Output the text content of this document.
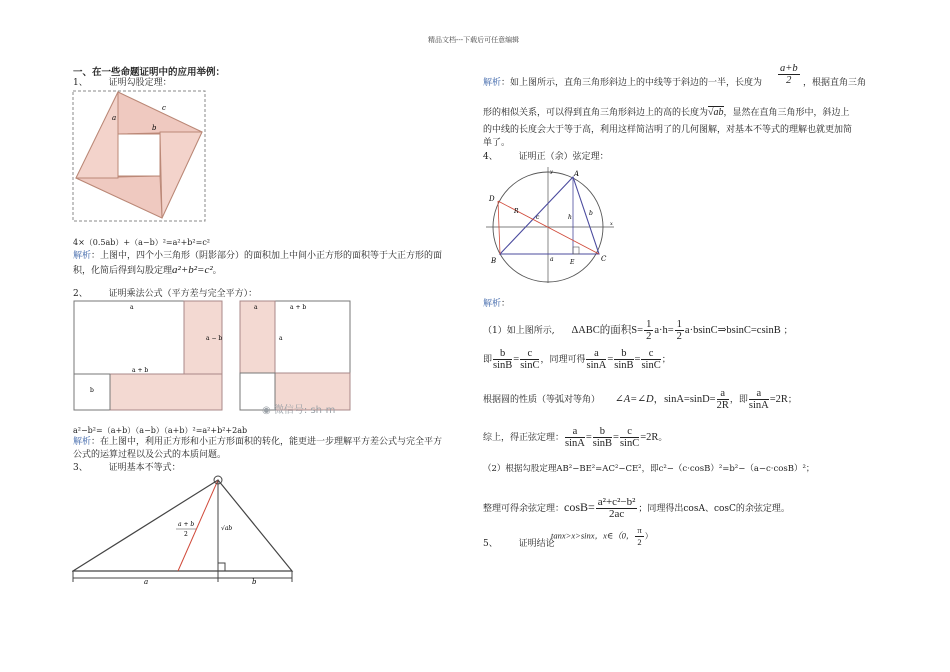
精品文档---下载后可任意编辑
一、在一些命题证明中的应用举例：
1、 证明勾股定理：
a
b
c
4×（0.5ab）+（a−b）²=a²+b²=c²
解析：上图中，四个小三角形（阴影部分）的面积加上中间小正方形的面积等于大正方形的面
积，化简后得到勾股定理a²+b²=c²。
2、 证明乘法公式（平方差与完全平方）：
a
a − b
a + b
b
a	a + b
a
◉ 微信号: sh-m
a²−b²=（a+b）（a−b）（a+b）²=a²+b²+2ab
解析：在上图中，利用正方形和小正方形面积的转化，能更进一步理解平方差公式与完全平方
公式的运算过程以及公式的本质问题。
3、 证明基本不等式：
a + b
2
√ab
a	b
解析：如上图所示，直角三角形斜边上的中线等于斜边的一半，长度为 $\frac{a+b}{2}$ ，根据直角三角
形的相似关系，可以得到直角三角形斜边上的高的长度为√ab，显然在直角三角形中，斜边上
的中线的长度会大于等于高，利用这样简洁明了的几何图解，对基本不等式的理解也就更加简
单了。
4、 证明正（余）弦定理：
A
B	C
D
E
a
b
c
R
h
x
y
解析：
（1）如上图所示, ΔABC的面积$S= \frac{1}{2} a\cdot h= \frac{1}{2}$ a·bsinC⇒bsinC=csinB ；
即 $\frac{b}{\sin B} = \frac{c}{\sin C}$ ，同理可得 $\frac{a}{\sin A} = \frac{b}{\sin B} = \frac{c}{\sin C}$ ；
根据圆的性质（等弧对等角） ∠A=∠D，$\sin A=\sin D= \frac{a}{2R}$ ，即 $\frac{a}{\sin A} =2R$；
综上，得正弦定理： $\frac{a}{\sin A} = \frac{b}{\sin B} = \frac{c}{\sin C} =2R$。
（2）根据勾股定理AB²−BE²=AC²−CE²，即c²−（c·cosB）²=b²−（a−c·cosB）²；
整理可得余弦定理：$\cos B= \frac{\text{a²+c²−b²}}{2ac}$ ；同理得出cosA、cosC的余弦定理。
5、 证明结论
tanx>x>sinx，x∈（0， $\frac{\pi}{2}$ ）
